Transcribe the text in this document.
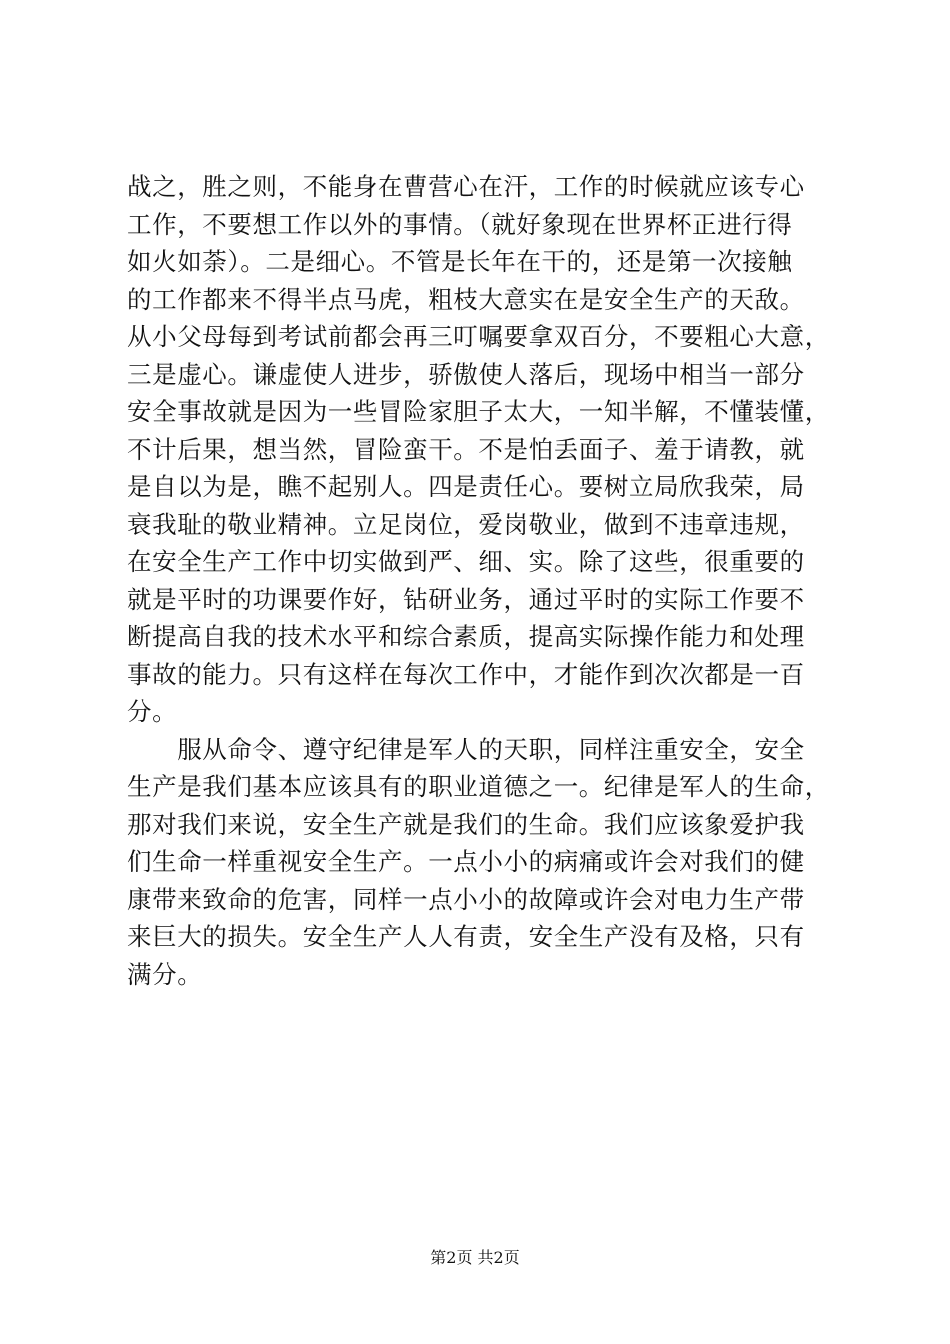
战之，胜之则，不能身在曹营心在汗，工作的时候就应该专心
工作，不要想工作以外的事情。（就好象现在世界杯正进行得
如火如荼）。二是细心。不管是长年在干的，还是第一次接触
的工作都来不得半点马虎，粗枝大意实在是安全生产的天敌。
从小父母每到考试前都会再三叮嘱要拿双百分，不要粗心大意，
三是虚心。谦虚使人进步，骄傲使人落后，现场中相当一部分
安全事故就是因为一些冒险家胆子太大，一知半解，不懂装懂，
不计后果，想当然，冒险蛮干。不是怕丢面子、羞于请教，就
是自以为是，瞧不起别人。四是责任心。要树立局欣我荣，局
衰我耻的敬业精神。立足岗位，爱岗敬业，做到不违章违规，
在安全生产工作中切实做到严、细、实。除了这些，很重要的
就是平时的功课要作好，钻研业务，通过平时的实际工作要不
断提高自我的技术水平和综合素质，提高实际操作能力和处理
事故的能力。只有这样在每次工作中，才能作到次次都是一百
分。
　　服从命令、遵守纪律是军人的天职，同样注重安全，安全
生产是我们基本应该具有的职业道德之一。纪律是军人的生命，
那对我们来说，安全生产就是我们的生命。我们应该象爱护我
们生命一样重视安全生产。一点小小的病痛或许会对我们的健
康带来致命的危害，同样一点小小的故障或许会对电力生产带
来巨大的损失。安全生产人人有责，安全生产没有及格，只有
满分。
第2页 共2页
